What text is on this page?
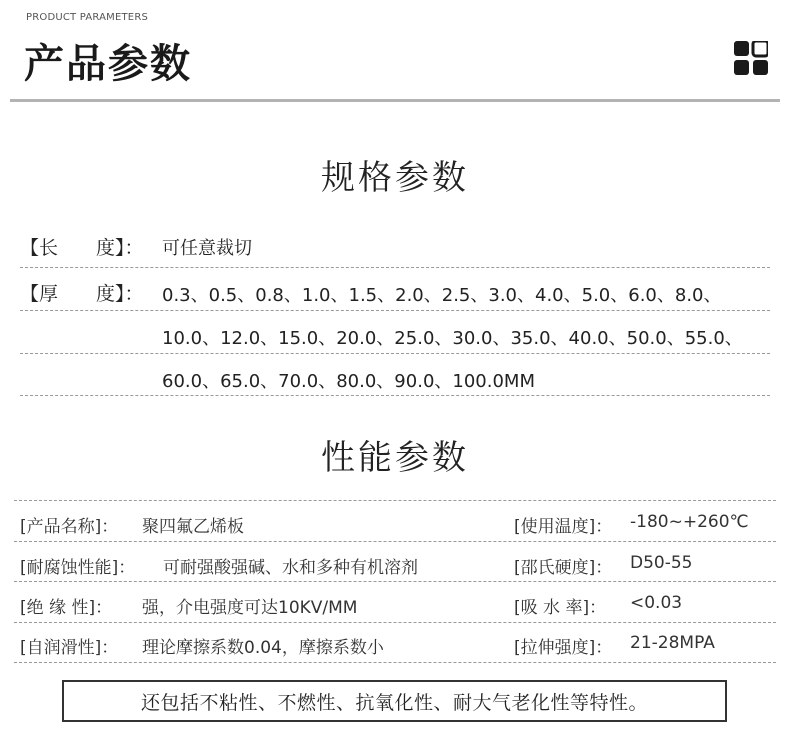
PRODUCT PARAMETERS
产品参数
规格参数
【长　　度】： 可任意裁切
【厚　　度】： 0.3、0.5、0.8、1.0、1.5、2.0、2.5、3.0、4.0、5.0、6.0、8.0、
10.0、12.0、15.0、20.0、25.0、30.0、35.0、40.0、50.0、55.0、
60.0、65.0、70.0、80.0、90.0、100.0MM
性能参数
[产品名称]： 聚四氟乙烯板	[使用温度]： -180~+260℃
[耐腐蚀性能]： 可耐强酸强碱、水和多种有机溶剂	[邵氏硬度]： D50-55
[绝 缘 性]： 强，介电强度可达10KV/MM	[吸 水 率]： <0.03
[自润滑性]： 理论摩擦系数0.04，摩擦系数小	[拉伸强度]： 21-28MPA
还包括不粘性、不燃性、抗氧化性、耐大气老化性等特性。
